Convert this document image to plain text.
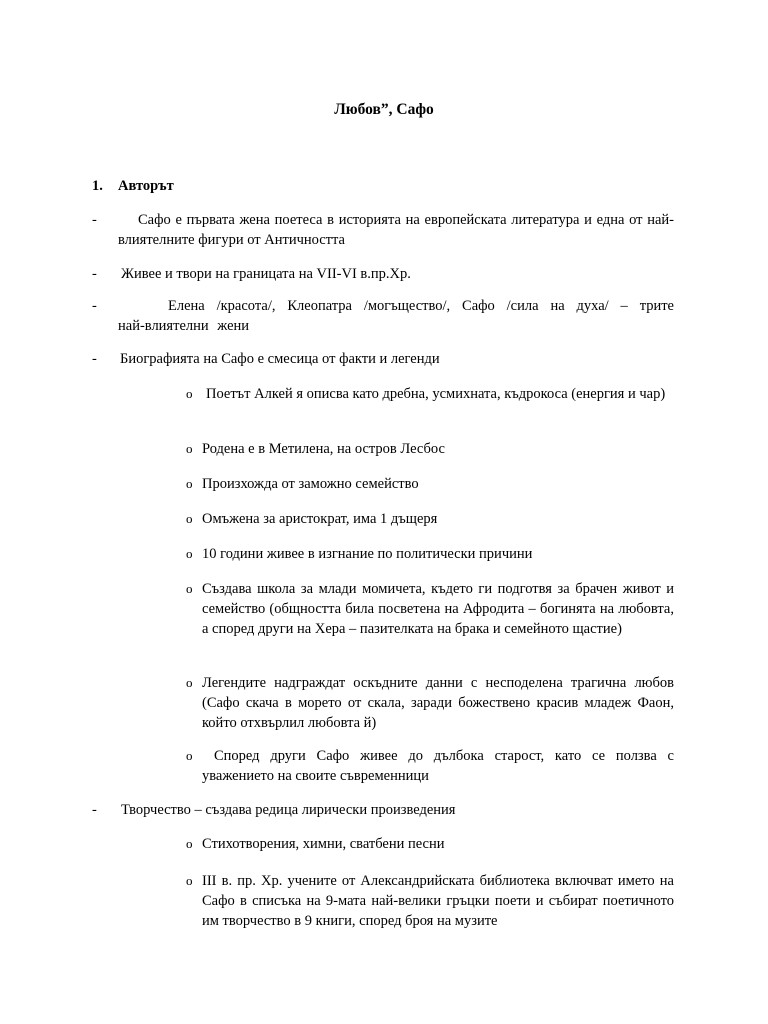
Любов”, Сафо
1. Авторът
-	Сафо е първата жена поетеса в историята на европейската литература и една от най-влиятелните фигури от Античността
- Живее и твори на границата на VII-VI в.пр.Хр.
-	Елена /красота/, Клеопатра /могъщество/, Сафо /сила на духа/ – трите най-влиятелни жени
- Биографията на Сафо е смесица от факти и легенди
o Поетът Алкей я описва като дребна, усмихната, къдрокоса (енергия и чар)
o Родена е в Метилена, на остров Лесбос
o Произхожда от заможно семейство
o Омъжена за аристократ, има 1 дъщеря
o 10 години живее в изгнание по политически причини
o Създава школа за млади момичета, където ги подготвя за брачен живот и семейство (общността била посветена на Афродита – богинята на любовта, а според други на Хера – пазителката на брака и семейното щастие)
o Легендите надграждат оскъдните данни с несподелена трагична любов (Сафо скача в морето от скала, заради божествено красив младеж Фаон, който отхвърлил любовта й)
o	Според други Сафо живее до дълбока старост, като се ползва с уважението на своите съвременници
- Творчество – създава редица лирически произведения
o Стихотворения, химни, сватбени песни
o III в. пр. Хр. учените от Александрийската библиотека включват името на Сафо в списъка на 9-мата най-велики гръцки поети и събират поетичното им творчество в 9 книги, според броя на музите
